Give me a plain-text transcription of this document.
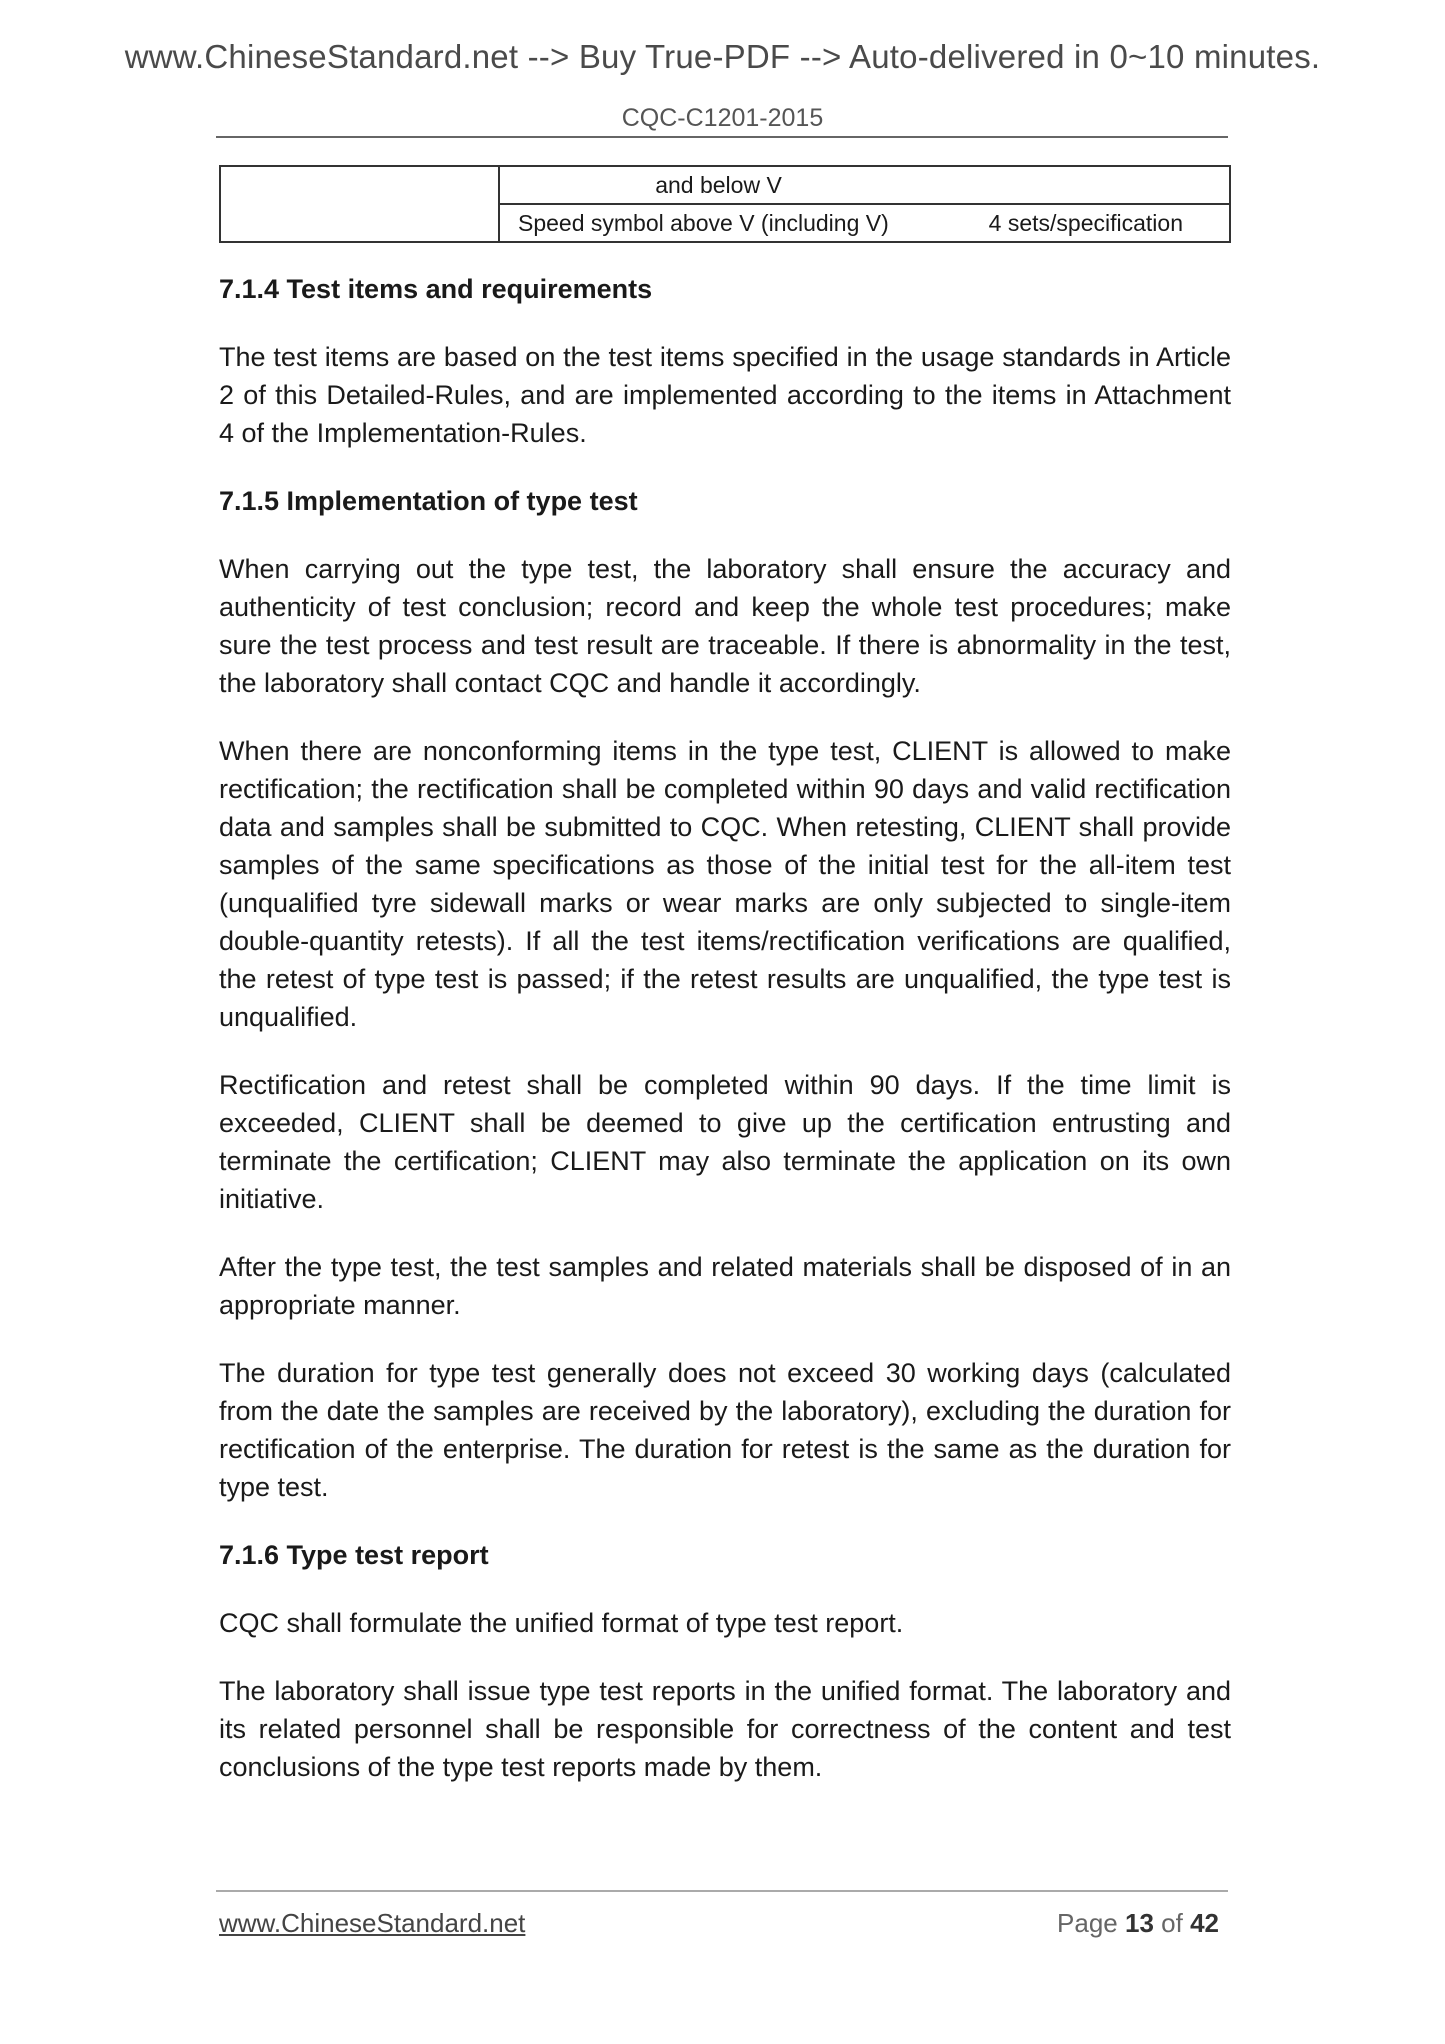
www.ChineseStandard.net --> Buy True-PDF --> Auto-delivered in 0~10 minutes.
CQC-C1201-2015
	and below V

Speed symbol above V (including V)	4 sets/specification
7.1.4 Test items and requirements

The test items are based on the test items specified in the usage standards in Article 2 of this Detailed-Rules, and are implemented according to the items in Attachment 4 of the Implementation-Rules.

7.1.5 Implementation of type test

When carrying out the type test, the laboratory shall ensure the accuracy and authenticity of test conclusion; record and keep the whole test procedures; make sure the test process and test result are traceable. If there is abnormality in the test, the laboratory shall contact CQC and handle it accordingly.

When there are nonconforming items in the type test, CLIENT is allowed to make rectification; the rectification shall be completed within 90 days and valid rectification data and samples shall be submitted to CQC. When retesting, CLIENT shall provide samples of the same specifications as those of the initial test for the all-item test (unqualified tyre sidewall marks or wear marks are only subjected to single-item double-quantity retests). If all the test items/rectification verifications are qualified, the retest of type test is passed; if the retest results are unqualified, the type test is unqualified.

Rectification and retest shall be completed within 90 days. If the time limit is exceeded, CLIENT shall be deemed to give up the certification entrusting and terminate the certification; CLIENT may also terminate the application on its own initiative.

After the type test, the test samples and related materials shall be disposed of in an appropriate manner.

The duration for type test generally does not exceed 30 working days (calculated from the date the samples are received by the laboratory), excluding the duration for rectification of the enterprise. The duration for retest is the same as the duration for type test.

7.1.6 Type test report

CQC shall formulate the unified format of type test report.

The laboratory shall issue type test reports in the unified format. The laboratory and its related personnel shall be responsible for correctness of the content and test conclusions of the type test reports made by them.

www.ChineseStandard.net	Page 13 of 42
